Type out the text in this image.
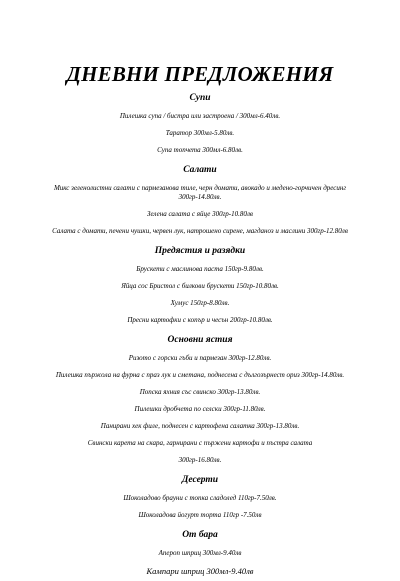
ДНЕВНИ ПРЕДЛОЖЕНИЯ
Супи
Пилешка супа / бистра или застроена / 300мл-6.40лв.
Таратор 300мл-5.80лв.
Супа топчета 300мл-6.80лв.
Салати
Микс зеленолистни салати с пармезанова тиле, черн домати, авокадо и медено-горчичен дресинг 300гр-14.80лв.
Зелена салата с яйце 300гр-10.80лв
Салата с домати, печени чушки, червен лук, натрошено сирене, магданоз и маслини 300гр-12.80лв
Предястия и разядки
Брускети с маслинова паста 150гр-9.80лв.
Яйца сос Бристол с билкови брускети 150гр-10.80лв.
Хумус 150гр-8.80лв.
Пресни картофки с копър и чесън 200гр-10.80лв.
Основни ястия
Ризото с горски гъби и пармезан 300гр-12.80лв.
Пилешка пържола на фурна с праз лук и сметана, поднесена с дългозърнест ориз 300гр-14.80лв.
Попска яхния със свинско 300гр-13.80лв.
Пилешки дробчета по селски 300гр-11.80лв.
Панирани хек филе, поднесен с картофена салатка 300гр-13.80лв.
Свински карета на скара, гарнирани с пържени картофи и пъстра салата
300гр-16.80лв.
Десерти
Шоколадово брауни с топка сладолед 110гр-7.50лв.
Шоколадова йогурт торта 110гр -7.50лв
От бара
Апероп шприц 300мл-9.40лв
Кампари шприц 300мл-9.40лв
